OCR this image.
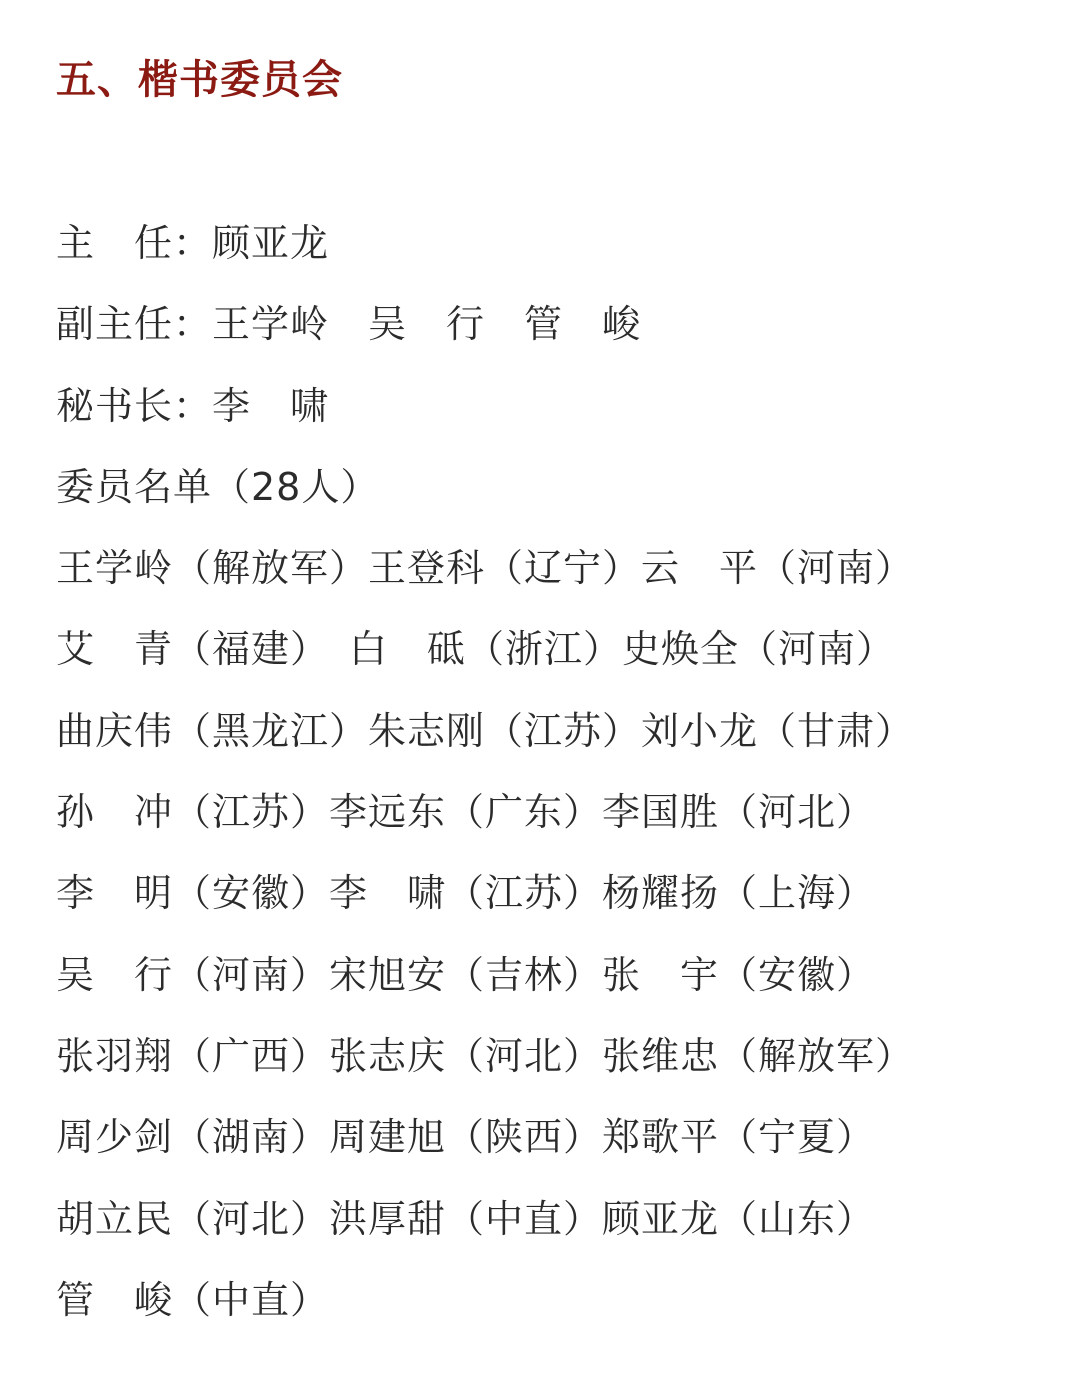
五、楷书委员会
主　任：顾亚龙
副主任：王学岭　吴　行　管　峻
秘书长：李　啸
委员名单（28人）
王学岭（解放军）王登科（辽宁）云　平（河南）
艾　青（福建）　白　砥（浙江）史焕全（河南）
曲庆伟（黑龙江）朱志刚（江苏）刘小龙（甘肃）
孙　冲（江苏）李远东（广东）李国胜（河北）
李　明（安徽）李　啸（江苏）杨耀扬（上海）
吴　行（河南）宋旭安（吉林）张　宇（安徽）
张羽翔（广西）张志庆（河北）张维忠（解放军）
周少剑（湖南）周建旭（陕西）郑歌平（宁夏）
胡立民（河北）洪厚甜（中直）顾亚龙（山东）
管　峻（中直）
